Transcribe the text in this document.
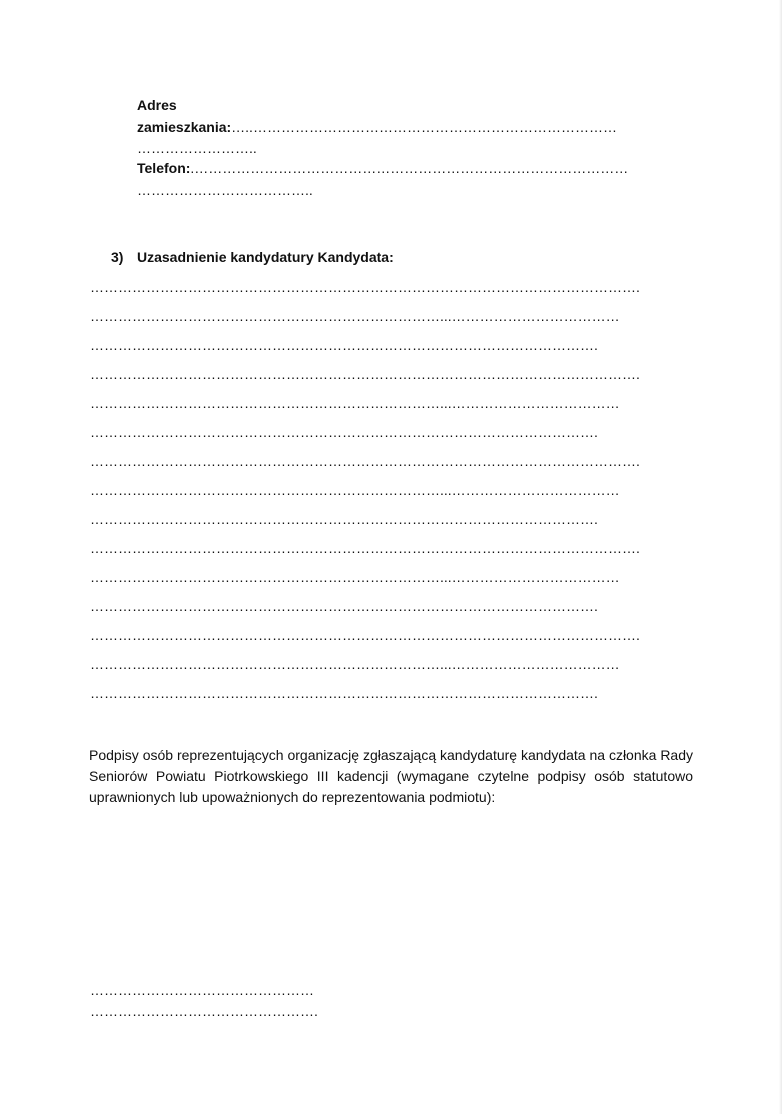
Adres
zamieszkania:…..……………………………………………………………………
……………………..
Telefon:.…………………………………………………………………………………
………………………………..
3) Uzasadnienie kandydatury Kandydata:
……………………………………………………………………………………………………….
…………………………………………………………………...………………………………
……………………………………………………………………………………………….
……………………………………………………………………………………………………….
…………………………………………………………………...………………………………
……………………………………………………………………………………………….
……………………………………………………………………………………………………….
…………………………………………………………………...………………………………
……………………………………………………………………………………………….
……………………………………………………………………………………………………….
…………………………………………………………………...………………………………
……………………………………………………………………………………………….
……………………………………………………………………………………………………….
…………………………………………………………………...………………………………
……………………………………………………………………………………………….
Podpisy osób reprezentujących organizację zgłaszającą kandydaturę kandydata na członka Rady Seniorów Powiatu Piotrkowskiego III kadencji (wymagane czytelne podpisy osób statutowo uprawnionych lub upoważnionych do reprezentowania podmiotu):
…………………………………………
………………………………………….
